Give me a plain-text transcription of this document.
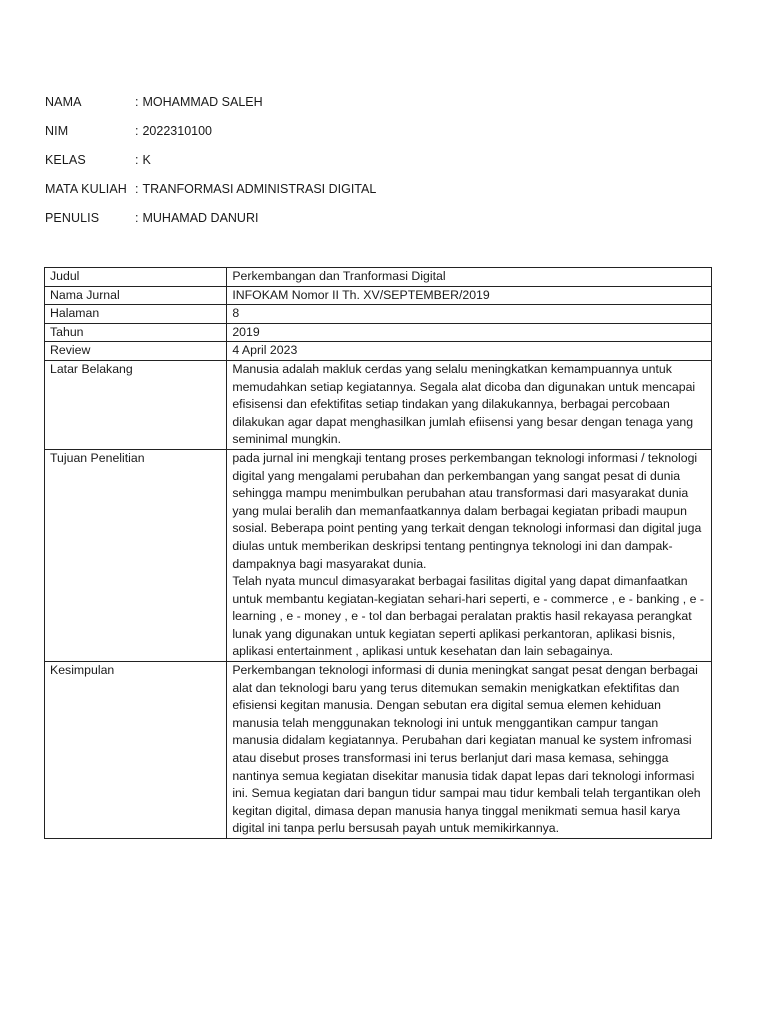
NAMA	: MOHAMMAD SALEH
NIM	: 2022310100
KELAS	: K
MATA KULIAH : TRANFORMASI ADMINISTRASI DIGITAL
PENULIS	: MUHAMAD DANURI
Judul	Perkembangan dan Tranformasi Digital
Nama Jurnal	INFOKAM Nomor II Th. XV/SEPTEMBER/2019
Halaman	8
Tahun	2019
Review	4 April 2023
Latar Belakang	Manusia adalah makluk cerdas yang selalu meningkatkan kemampuannya untuk memudahkan setiap kegiatannya. Segala alat dicoba dan digunakan untuk mencapai efisisensi dan efektifitas setiap tindakan yang dilakukannya, berbagai percobaan dilakukan agar dapat menghasilkan jumlah efiisensi yang besar dengan tenaga yang seminimal mungkin.
Tujuan Penelitian	pada jurnal ini mengkaji tentang proses perkembangan teknologi informasi / teknologi digital yang mengalami perubahan dan perkembangan yang sangat pesat di dunia sehingga mampu menimbulkan perubahan atau transformasi dari masyarakat dunia yang mulai beralih dan memanfaatkannya dalam berbagai kegiatan pribadi maupun sosial. Beberapa point penting yang terkait dengan teknologi informasi dan digital juga diulas untuk memberikan deskripsi tentang pentingnya teknologi ini dan dampak-dampaknya bagi masyarakat dunia.
Telah nyata muncul dimasyarakat berbagai fasilitas digital yang dapat dimanfaatkan untuk membantu kegiatan-kegiatan sehari-hari seperti, e - commerce , e - banking , e - learning , e - money , e - tol dan berbagai peralatan praktis hasil rekayasa perangkat lunak yang digunakan untuk kegiatan seperti aplikasi perkantoran, aplikasi bisnis, aplikasi entertainment , aplikasi untuk kesehatan dan lain sebagainya.

Kesimpulan	Perkembangan teknologi informasi di dunia meningkat sangat pesat dengan berbagai alat dan teknologi baru yang terus ditemukan semakin menigkatkan efektifitas dan efisiensi kegitan manusia. Dengan sebutan era digital semua elemen kehiduan manusia telah menggunakan teknologi ini untuk menggantikan campur tangan manusia didalam kegiatannya. Perubahan dari kegiatan manual ke system infromasi atau disebut proses transformasi ini terus berlanjut dari masa kemasa, sehingga nantinya semua kegiatan disekitar manusia tidak dapat lepas dari teknologi informasi ini. Semua kegiatan dari bangun tidur sampai mau tidur kembali telah tergantikan oleh kegitan digital, dimasa depan manusia hanya tinggal menikmati semua hasil karya digital ini tanpa perlu bersusah payah untuk memikirkannya.
